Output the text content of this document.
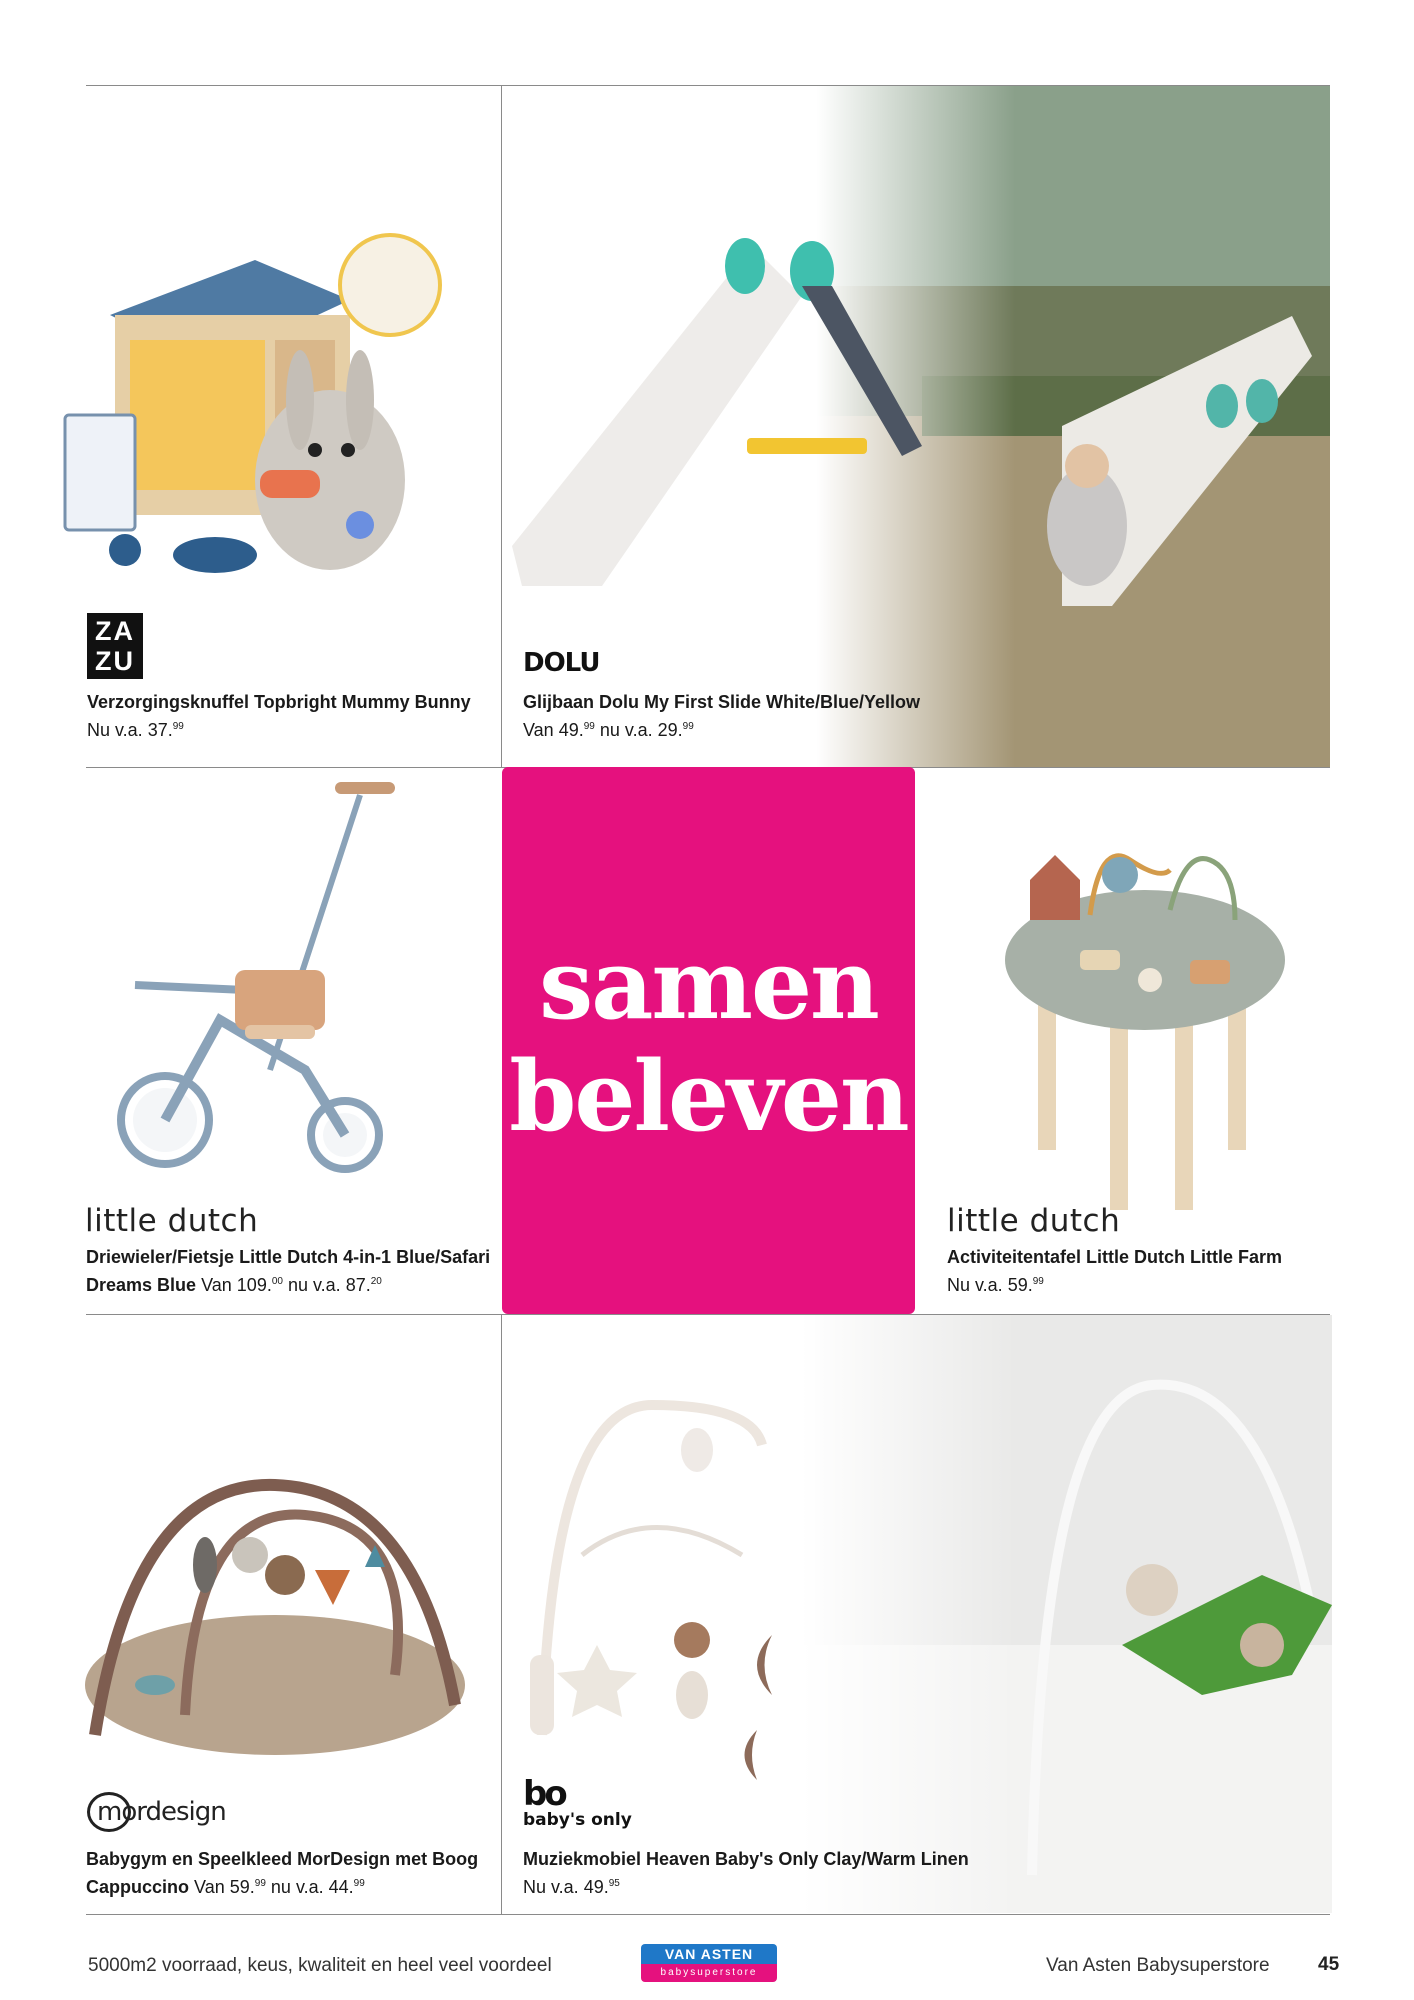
ZA ZU
Verzorgingsknuffel Topbright Mummy Bunny
Nu v.a. 37.99
DOLU
Glijbaan Dolu My First Slide White/Blue/Yellow
Van 49.99 nu v.a. 29.99
little dutch
Driewieler/Fietsje Little Dutch 4-in-1 Blue/Safari
Dreams Blue Van 109.00 nu v.a. 87.20
samen
beleven
little dutch
Activiteitentafel Little Dutch Little Farm
Nu v.a. 59.99
mordesign
Babygym en Speelkleed MorDesign met Boog
Cappuccino Van 59.99 nu v.a. 44.99
bo
baby's only
Muziekmobiel Heaven Baby's Only Clay/Warm Linen
Nu v.a. 49.95
5000m2 voorraad, keus, kwaliteit en heel veel voordeel
VAN ASTEN
babysuperstore	Van Asten Babysuperstore	45
